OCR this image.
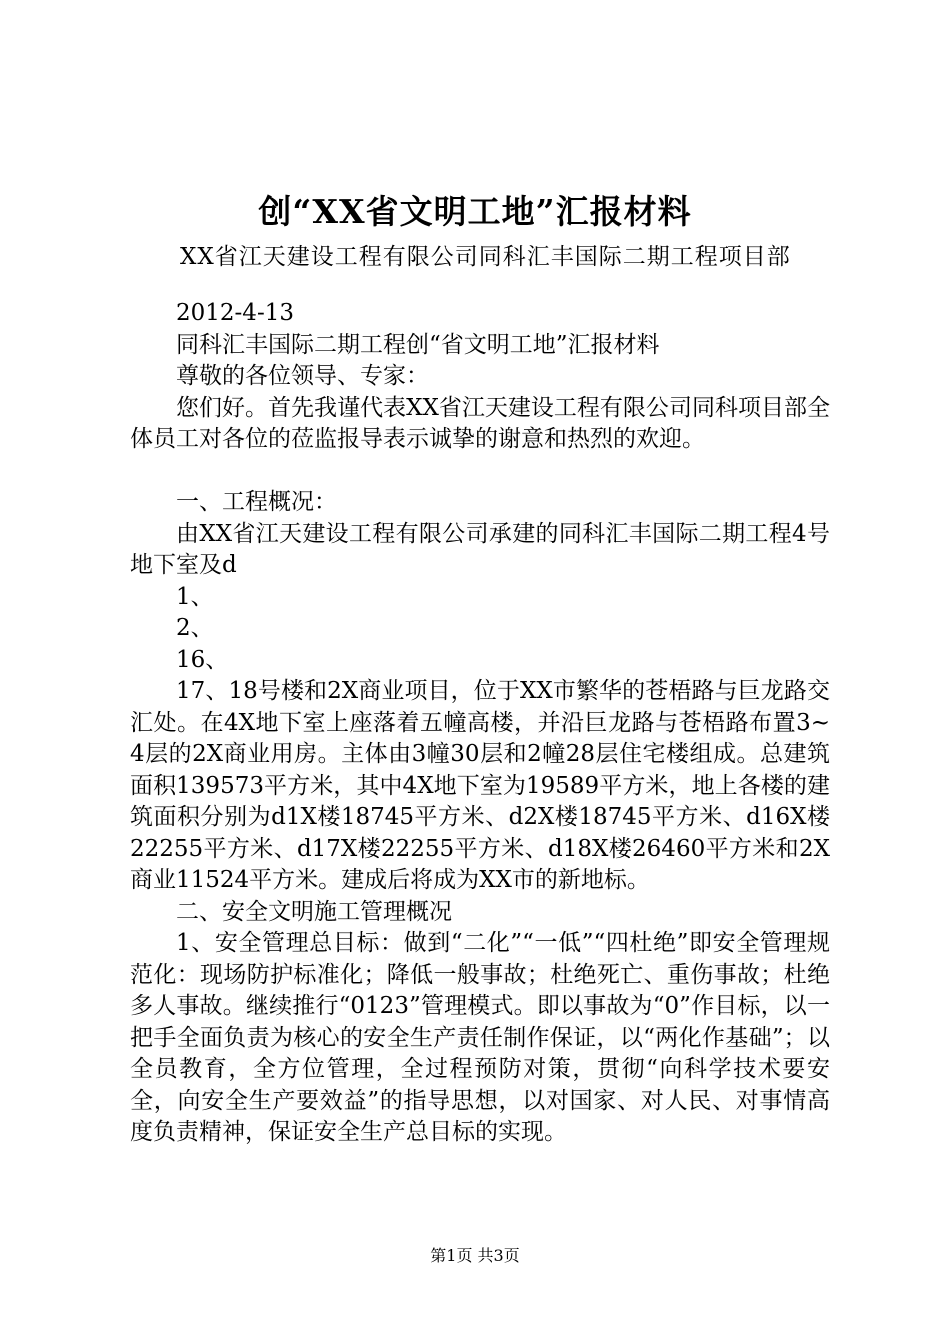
创“XX省文明工地”汇报材料
XX省江天建设工程有限公司同科汇丰国际二期工程项目部

2012-4-13

同科汇丰国际二期工程创“省文明工地”汇报材料

尊敬的各位领导、专家：

您们好。首先我谨代表XX省江天建设工程有限公司同科项目部全体员工对各位的莅监报导表示诚挚的谢意和热烈的欢迎。

一、工程概况：

由XX省江天建设工程有限公司承建的同科汇丰国际二期工程4号地下室及d

1、

2、

16、

17、18号楼和2X商业项目，位于XX市繁华的苍梧路与巨龙路交汇处。在4X地下室上座落着五幢高楼，并沿巨龙路与苍梧路布置3~4层的2X商业用房。主体由3幢30层和2幢28层住宅楼组成。总建筑面积139573平方米，其中4X地下室为19589平方米，地上各楼的建筑面积分别为d1X楼18745平方米、d2X楼18745平方米、d16X楼22255平方米、d17X楼22255平方米、d18X楼26460平方米和2X商业11524平方米。建成后将成为XX市的新地标。

二、安全文明施工管理概况

1、安全管理总目标：做到“二化”“一低”“四杜绝”即安全管理规范化：现场防护标准化；降低一般事故；杜绝死亡、重伤事故；杜绝多人事故。继续推行“0123”管理模式。即以事故为“0”作目标，以一把手全面负责为核心的安全生产责任制作保证，以“两化作基础”；以全员教育，全方位管理，全过程预防对策，贯彻“向科学技术要安全，向安全生产要效益”的指导思想，以对国家、对人民、对事情高度负责精神，保证安全生产总目标的实现。

第1页 共3页
